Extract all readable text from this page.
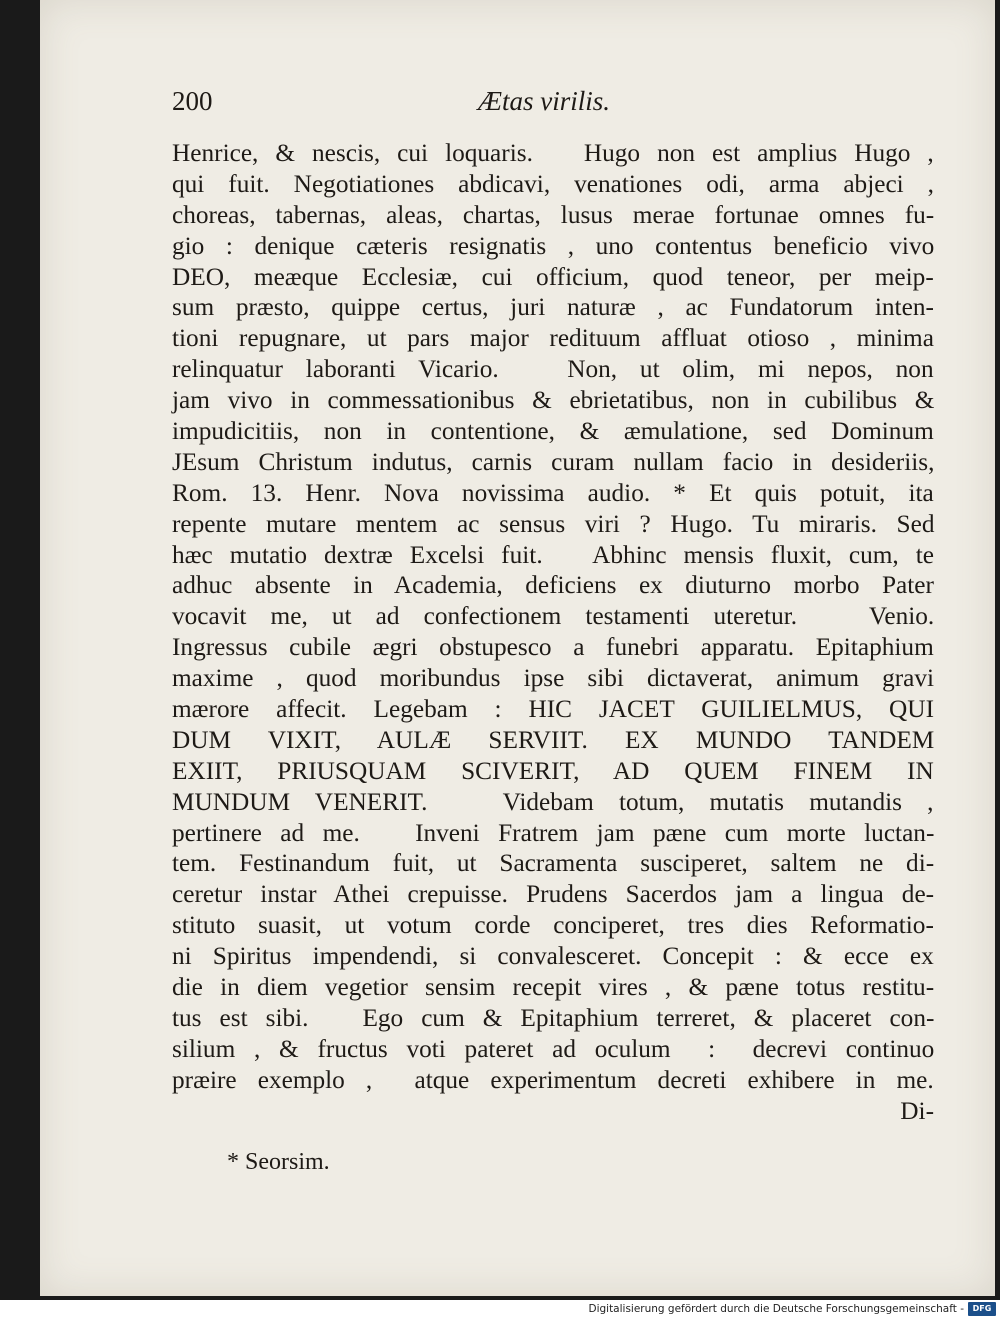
200	Ætas virilis.
Henrice, & nescis, cui loquaris.   Hugo non est amplius Hugo ,
qui fuit. Negotiationes abdicavi, venationes odi, arma abjeci ,
choreas, tabernas, aleas, chartas, lusus merae fortunae omnes fu-
gio : denique cæteris resignatis , uno contentus beneficio vivo
DEO, meæque Ecclesiæ, cui officium, quod teneor, per meip-
sum præsto, quippe certus, juri naturæ , ac Fundatorum inten-
tioni repugnare, ut pars major redituum affluat otioso , minima
relinquatur laboranti Vicario.   Non, ut olim, mi nepos, non
jam vivo in commessationibus & ebrietatibus, non in cubilibus &
impudicitiis, non in contentione, & æmulatione, sed Dominum
JEsum Christum indutus, carnis curam nullam facio in desideriis,
Rom. 13. Henr. Nova novissima audio. * Et quis potuit, ita
repente mutare mentem ac sensus viri ? Hugo. Tu miraris. Sed
hæc mutatio dextræ Excelsi fuit.   Abhinc mensis fluxit, cum, te
adhuc absente in Academia, deficiens ex diuturno morbo Pater
vocavit me, ut ad confectionem testamenti uteretur.   Venio.
Ingressus cubile ægri obstupesco a funebri apparatu. Epitaphium
maxime , quod moribundus ipse sibi dictaverat, animum gravi
mærore affecit. Legebam : HIC JACET GUILIELMUS, QUI
DUM VIXIT, AULÆ SERVIIT. EX MUNDO TANDEM
EXIIT, PRIUSQUAM SCIVERIT, AD QUEM FINEM IN
MUNDUM VENERIT.   Videbam totum, mutatis mutandis ,
pertinere ad me.   Inveni Fratrem jam pæne cum morte luctan-
tem. Festinandum fuit, ut Sacramenta susciperet, saltem ne di-
ceretur instar Athei crepuisse. Prudens Sacerdos jam a lingua de-
stituto suasit, ut votum corde conciperet, tres dies Reformatio-
ni Spiritus impendendi, si convalesceret. Concepit : & ecce ex
die in diem vegetior sensim recepit vires , & pæne totus restitu-
tus est sibi.   Ego cum & Epitaphium terreret, & placeret con-
silium , & fructus voti pateret ad oculum  :  decrevi continuo
præire exemplo ,  atque experimentum decreti exhibere in me.
Di-
* Seorsim.
Digitalisierung gefördert durch die Deutsche Forschungsgemeinschaft -	DFG
